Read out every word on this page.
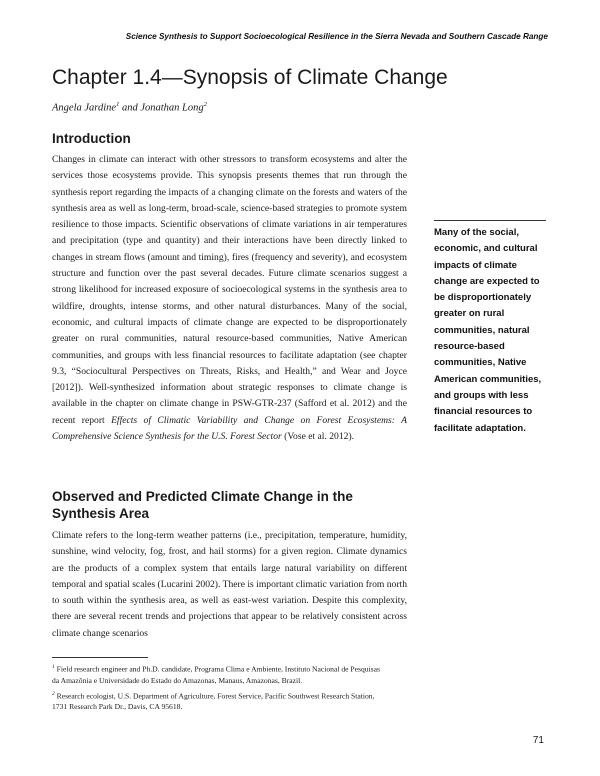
Science Synthesis to Support Socioecological Resilience in the Sierra Nevada and Southern Cascade Range
Chapter 1.4—Synopsis of Climate Change
Angela Jardine$^1$ and Jonathan Long$^2$
Introduction

Changes in climate can interact with other stressors to transform ecosystems and alter the services those ecosystems provide. This synopsis presents themes that run through the synthesis report regarding the impacts of a changing climate on the forests and waters of the synthesis area as well as long-term, broad-scale, science-based strategies to promote system resilience to those impacts. Scientific observations of climate variations in air temperatures and precipitation (type and quantity) and their interactions have been directly linked to changes in stream flows (amount and timing), fires (frequency and severity), and ecosystem structure and function over the past several decades. Future climate scenarios suggest a strong likelihood for increased exposure of socioecological systems in the synthesis area to wildfire, droughts, intense storms, and other natural disturbances. Many of the social, economic, and cultural impacts of climate change are expected to be disproportionately greater on rural communities, natural resource-based communities, Native American communities, and groups with less financial resources to facilitate adaptation (see chapter 9.3, “Sociocultural Perspectives on Threats, Risks, and Health,” and Wear and Joyce [2012]). Well-synthesized information about strategic responses to climate change is available in the chapter on climate change in PSW-GTR-237 (Safford et al. 2012) and the recent report Effects of Climatic Variability and Change on Forest Ecosystems: A Comprehensive Science Synthesis for the U.S. Forest Sector (Vose et al. 2012).

Many of the social, economic, and cultural impacts of climate change are expected to be disproportionately greater on rural communities, natural resource-based communities, Native American communities, and groups with less financial resources to facilitate adaptation.

Observed and Predicted Climate Change in the Synthesis Area

Climate refers to the long-term weather patterns (i.e., precipitation, temperature, humidity, sunshine, wind velocity, fog, frost, and hail storms) for a given region. Climate dynamics are the products of a complex system that entails large natural variability on different temporal and spatial scales (Lucarini 2002). There is important climatic variation from north to south within the synthesis area, as well as east-west variation. Despite this complexity, there are several recent trends and projections that appear to be relatively consistent across climate change scenarios

$^1$ Field research engineer and Ph.D. candidate, Programa Clima e Ambiente, Instituto Nacional de Pesquisas da Amazônia e Universidade do Estado do Amazonas, Manaus, Amazonas, Brazil.

$^2$ Research ecologist, U.S. Department of Agriculture, Forest Service, Pacific Southwest Research Station, 1731 Research Park Dr., Davis, CA 95618.

71
